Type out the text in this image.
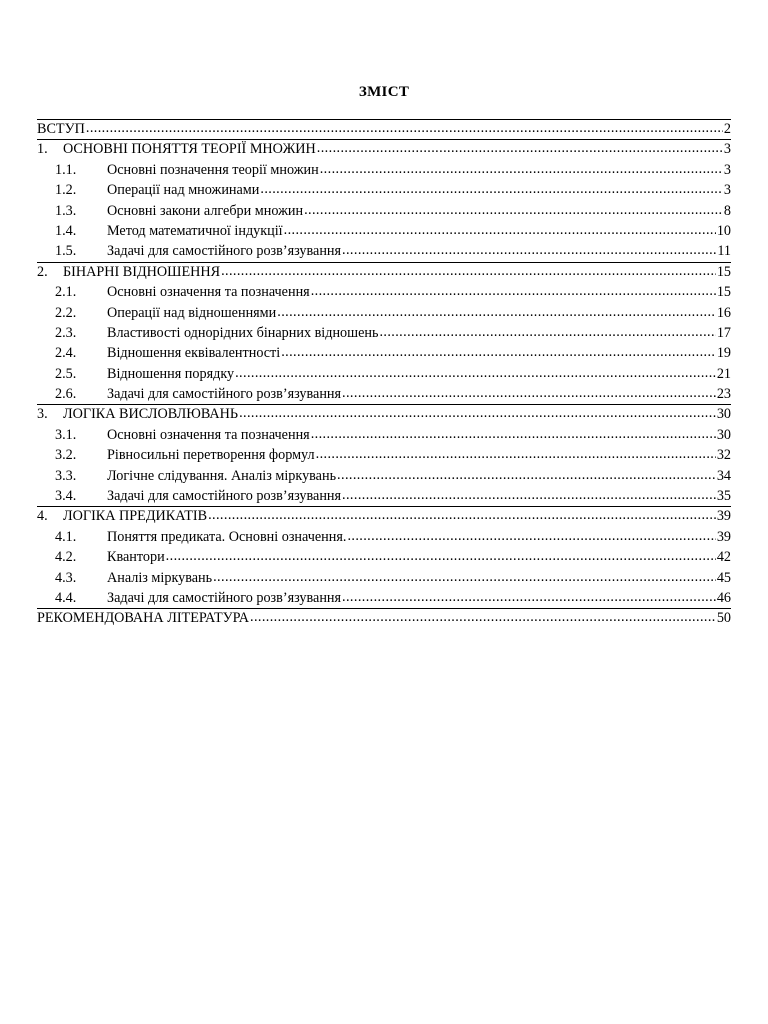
ЗМІСТ
ВСТУП .....	2
1.	ОСНОВНІ ПОНЯТТЯ ТЕОРІЇ МНОЖИН .....	3
1.1.	Основні позначення теорії множин .....	3
1.2.	Операції над множинами .....	3
1.3.	Основні закони алгебри множин .....	8
1.4.	Метод математичної індукції .....	10
1.5.	Задачі для самостійного розв’язування .....	11
2.	БІНАРНІ ВІДНОШЕННЯ .....	15
2.1.	Основні означення та позначення .....	15
2.2.	Операції над відношеннями .....	16
2.3.	Властивості однорідних бінарних відношень .....	17
2.4.	Відношення еквівалентності .....	19
2.5.	Відношення порядку .....	21
2.6.	Задачі для самостійного розв’язування .....	23
3.	ЛОГІКА ВИСЛОВЛЮВАНЬ .....	30
3.1.	Основні означення та позначення .....	30
3.2.	Рівносильні перетворення формул .....	32
3.3.	Логічне слідування. Аналіз міркувань .....	34
3.4.	Задачі для самостійного розв’язування .....	35
4.	ЛОГІКА ПРЕДИКАТІВ .....	39
4.1.	Поняття предиката. Основні означення. .....	39
4.2.	Квантори .....	42
4.3.	Аналіз міркувань .....	45
4.4.	Задачі для самостійного розв’язування .....	46
РЕКОМЕНДОВАНА ЛІТЕРАТУРА .....	50
